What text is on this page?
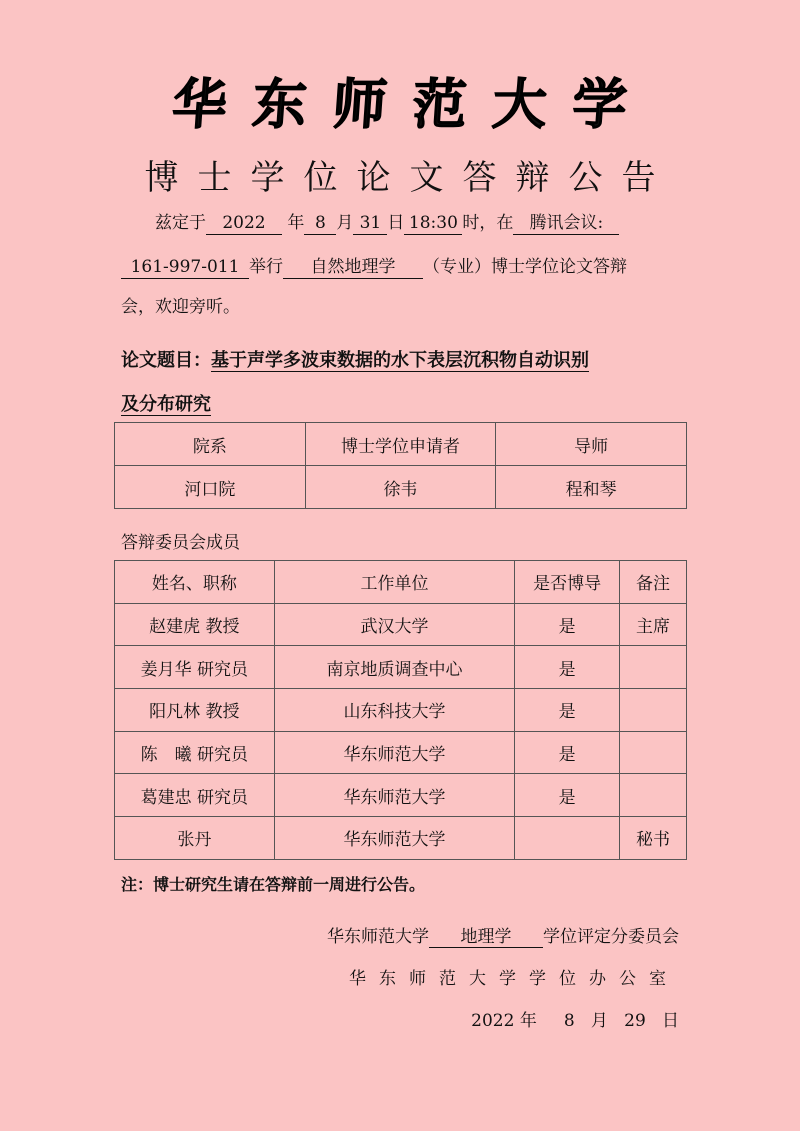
华东师范大学
博士学位论文答辩公告
兹定于 2022 年 8 月 31 日 18:30 时，在 腾讯会议:
161-997-011 举行 自然地理学 （专业）博士学位论文答辩
会，欢迎旁听。
论文题目：基于声学多波束数据的水下表层沉积物自动识别
及分布研究
院系	博士学位申请者	导师
河口院	徐韦	程和琴
答辩委员会成员
姓名、职称	工作单位	是否博导	备注
赵建虎 教授	武汉大学	是	主席
姜月华 研究员	南京地质调查中心	是	
阳凡林 教授	山东科技大学	是	
陈　曦 研究员	华东师范大学	是	
葛建忠 研究员	华东师范大学	是	
张丹	华东师范大学		秘书
注：博士研究生请在答辩前一周进行公告。
华东师范大学 地理学 学位评定分委员会
华东师范大学学位办公室
2022 年 8 月 29 日
